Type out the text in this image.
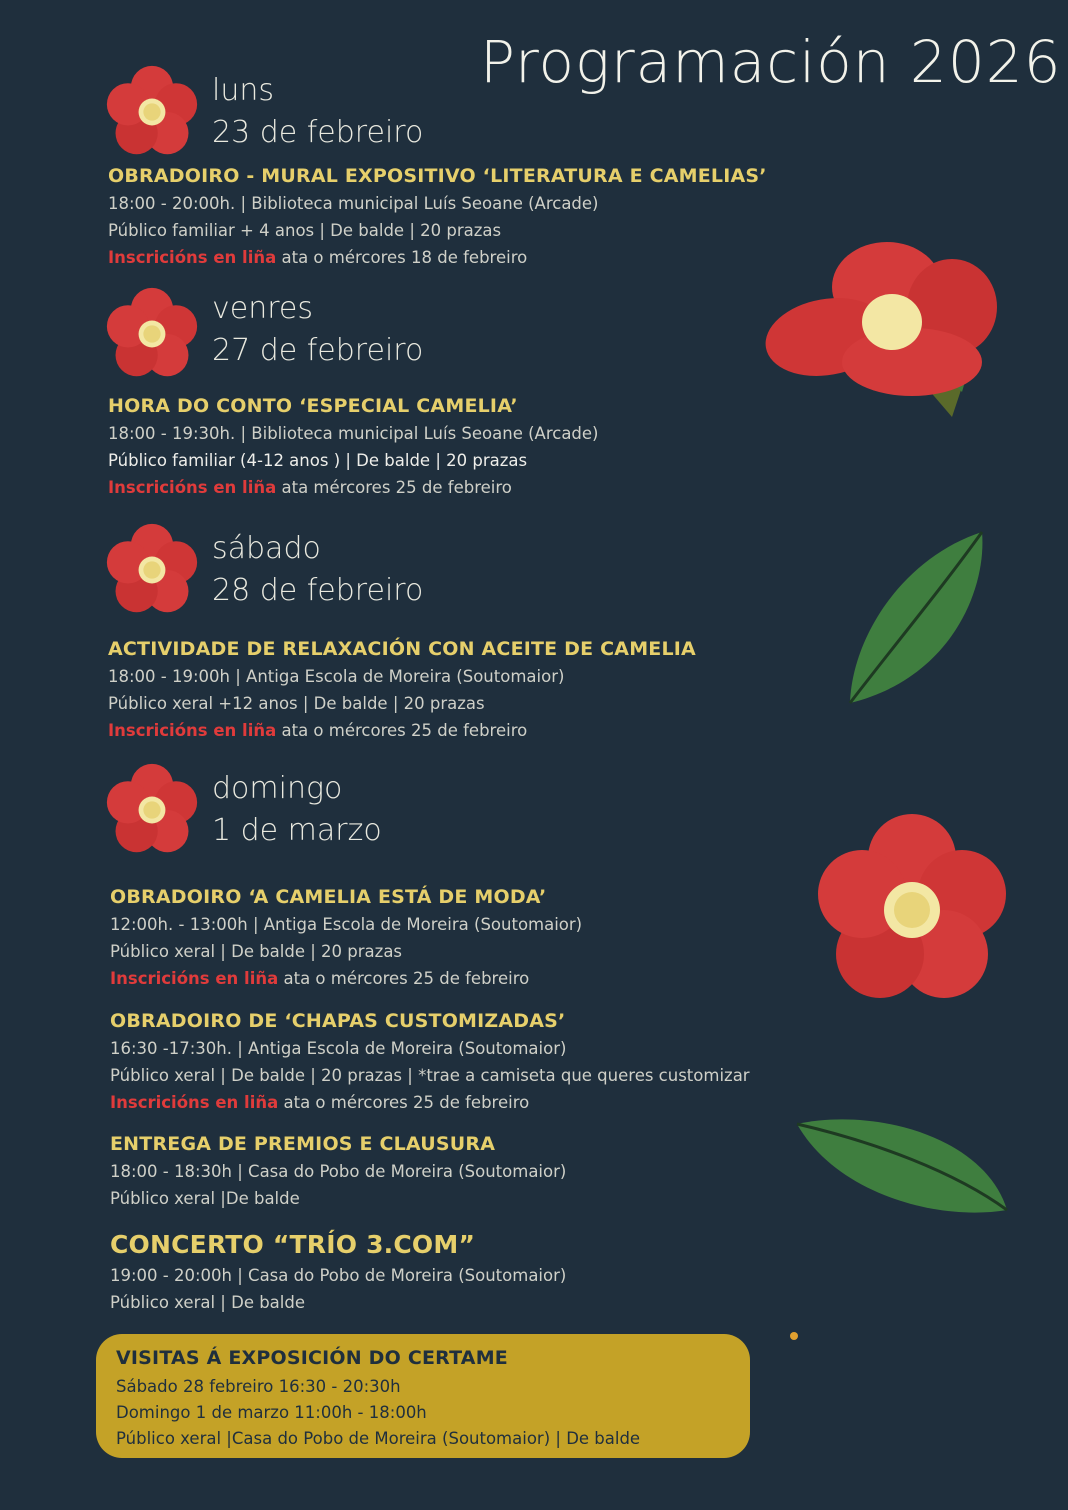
Programación 2026
luns
23 de febreiro
OBRADOIRO - MURAL EXPOSITIVO ‘LITERATURA E CAMELIAS’
18:00 - 20:00h. | Biblioteca municipal Luís Seoane (Arcade)
Público familiar + 4 anos | De balde | 20 prazas
Inscricións en liña ata o mércores 18 de febreiro
venres
27 de febreiro
HORA DO CONTO ‘ESPECIAL CAMELIA’
18:00 - 19:30h. | Biblioteca municipal Luís Seoane (Arcade)
Público familiar (4-12 anos ) | De balde | 20 prazas
Inscricións en liña ata mércores 25 de febreiro
sábado
28 de febreiro
ACTIVIDADE DE RELAXACIÓN CON ACEITE DE CAMELIA
18:00 - 19:00h | Antiga Escola de Moreira (Soutomaior)
Público xeral +12 anos | De balde | 20 prazas
Inscricións en liña ata o mércores 25 de febreiro
domingo
1 de marzo
OBRADOIRO ‘A CAMELIA ESTÁ DE MODA’
12:00h. - 13:00h | Antiga Escola de Moreira (Soutomaior)
Público xeral | De balde | 20 prazas
Inscricións en liña ata o mércores 25 de febreiro
OBRADOIRO DE ‘CHAPAS CUSTOMIZADAS’
16:30 -17:30h. | Antiga Escola de Moreira (Soutomaior)
Público xeral | De balde | 20 prazas | *trae a camiseta que queres customizar
Inscricións en liña ata o mércores 25 de febreiro
ENTREGA DE PREMIOS E CLAUSURA
18:00 - 18:30h | Casa do Pobo de Moreira (Soutomaior)
Público xeral |De balde
CONCERTO “TRÍO 3.COM”
19:00 - 20:00h | Casa do Pobo de Moreira (Soutomaior)
Público xeral | De balde
VISITAS Á EXPOSICIÓN DO CERTAME
Sábado 28 febreiro 16:30 - 20:30h
Domingo 1 de marzo 11:00h - 18:00h
Público xeral |Casa do Pobo de Moreira (Soutomaior) | De balde
